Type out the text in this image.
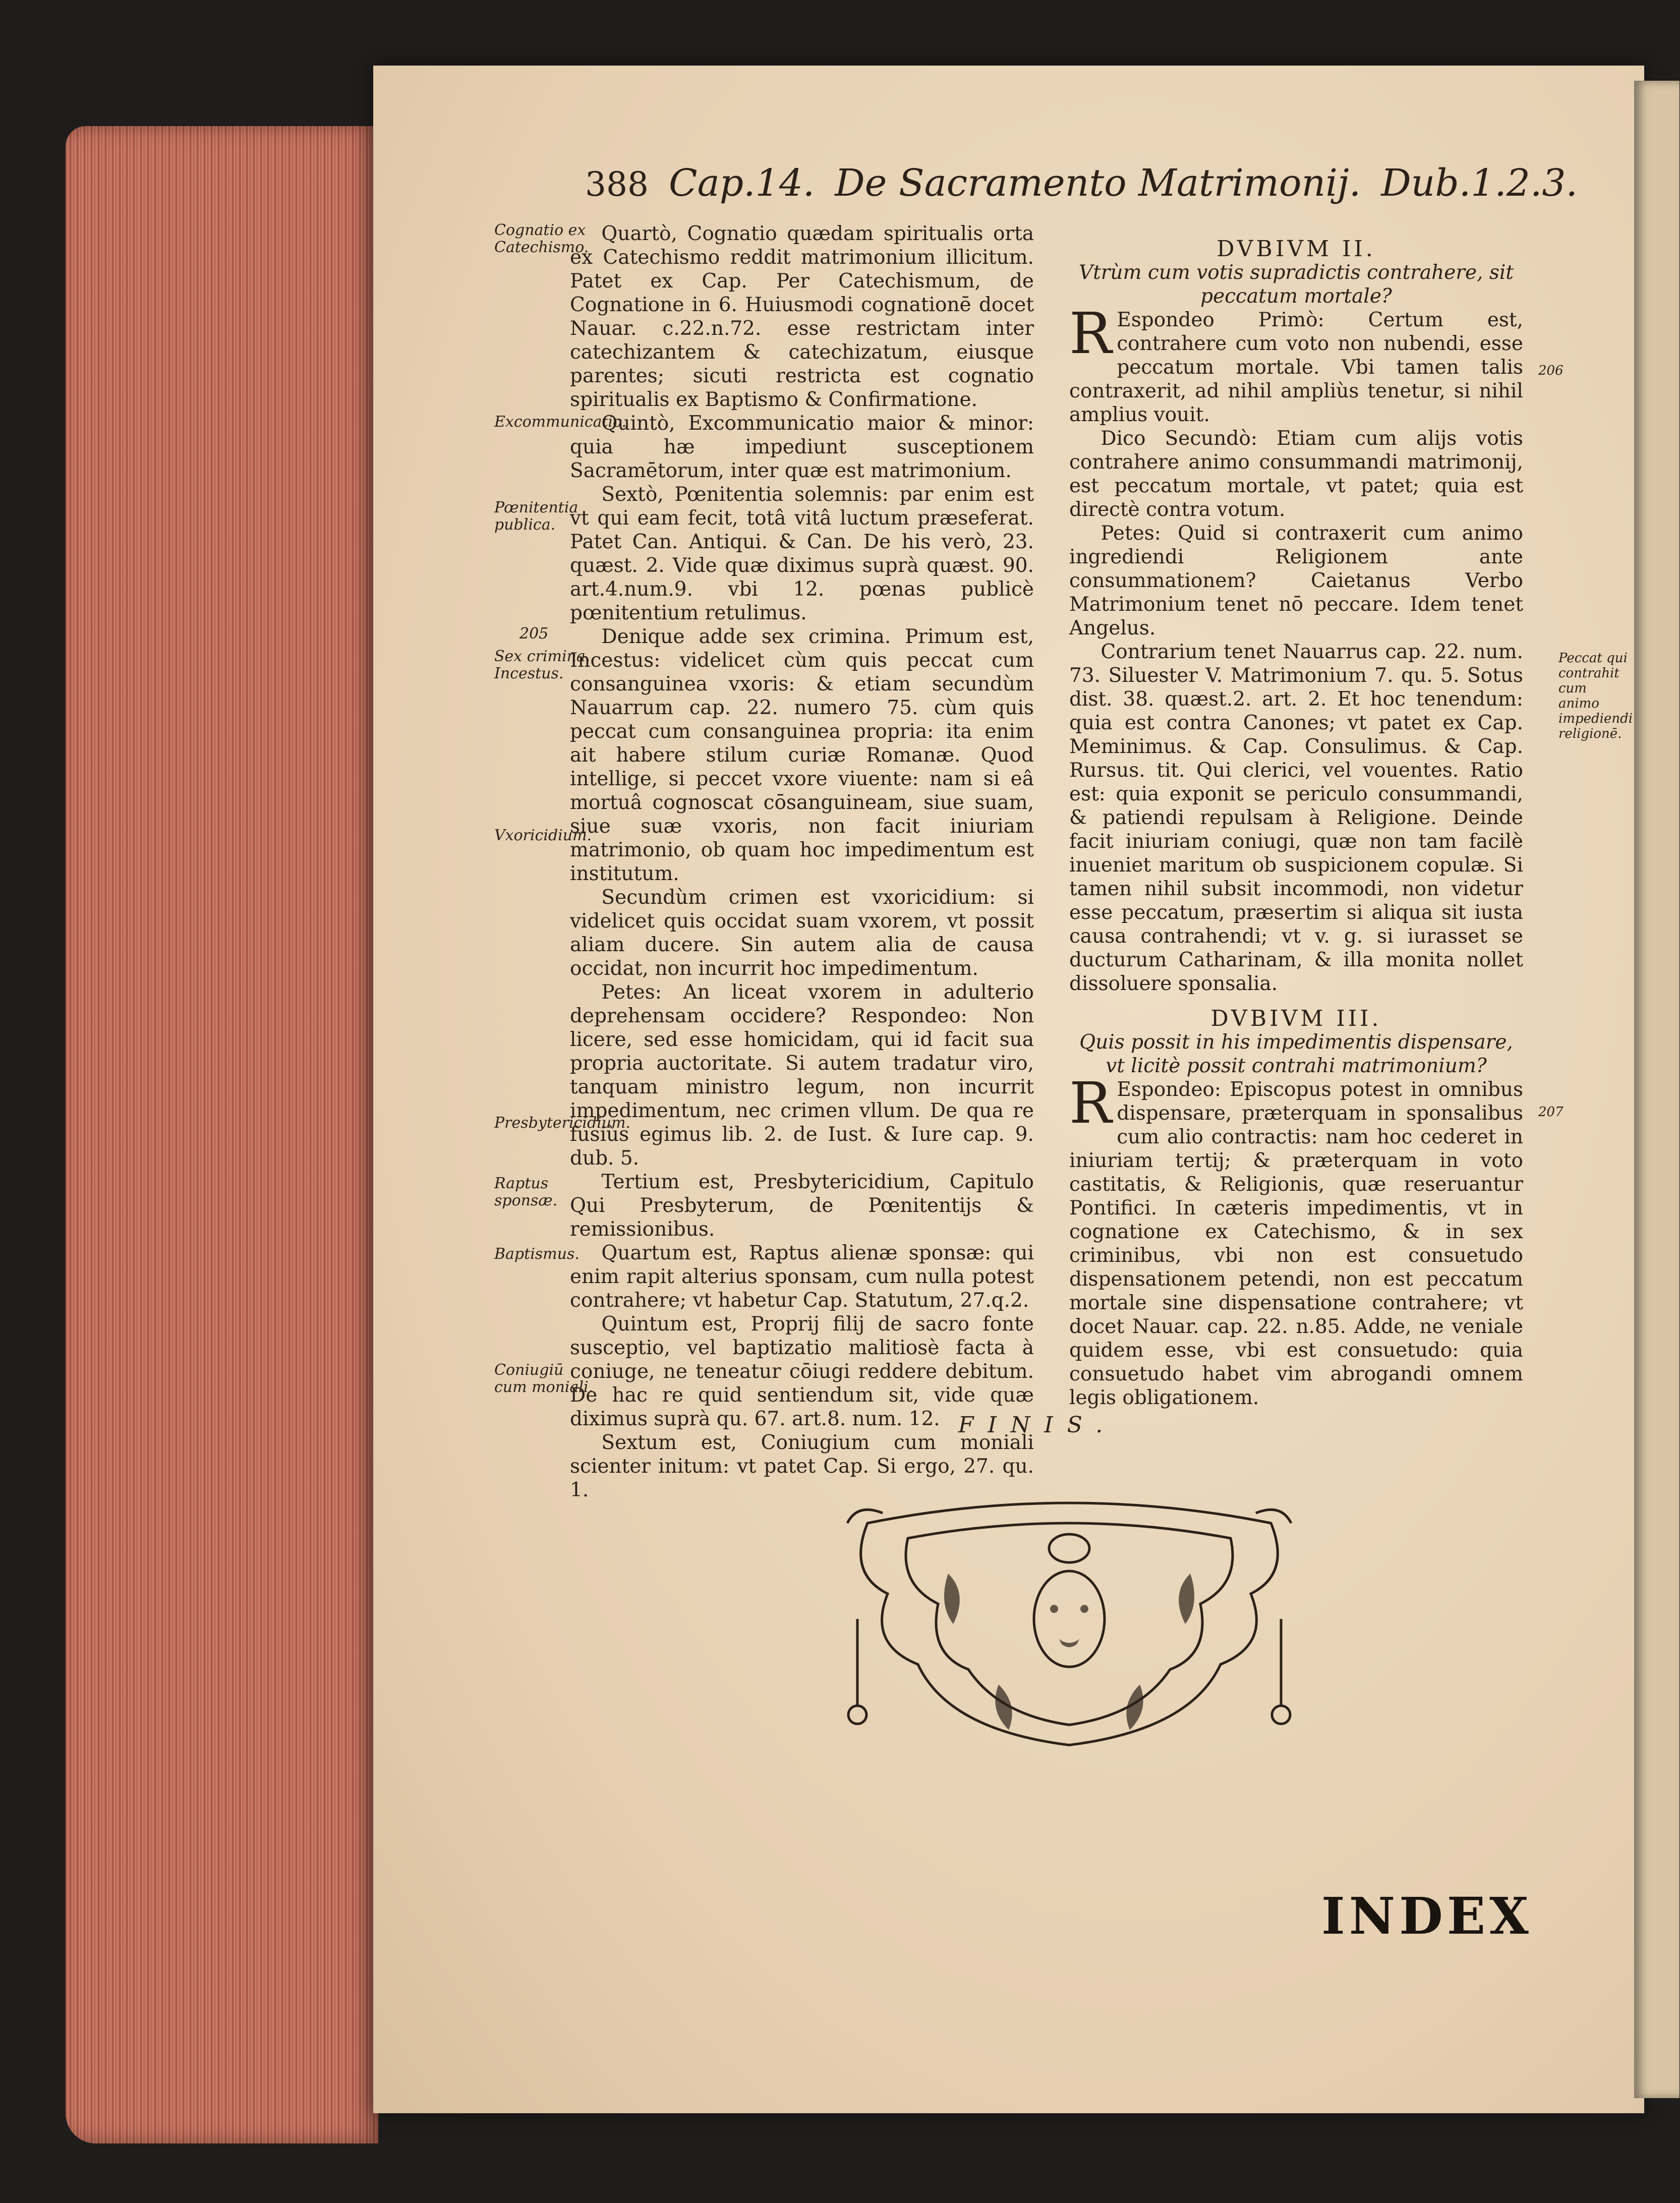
388 Cap.14. De Sacramento Matrimonij. Dub.1.2.3.
Cognatio ex Catechismo.
Excommunicatio.
Pœnitentia publica.
205
Sex crimina. Incestus.
Vxoricidium.
Presbytericidium.
Raptus sponsæ.
Baptismus.
Coniugiū cum moniali.

Quartò, Cognatio quædam spiritualis orta ex Catechismo reddit matrimonium illicitum. Patet ex Cap. Per Catechismum, de Cognatione in 6. Huiusmodi cognationē docet Nauar. c.22.n.72. esse restrictam inter catechizantem & catechizatum, eiusque parentes; sicuti restricta est cognatio spiritualis ex Baptismo & Confirmatione.

Quintò, Excommunicatio maior & minor: quia hæ impediunt susceptionem Sacramētorum, inter quæ est matrimonium.

Sextò, Pœnitentia solemnis: par enim est vt qui eam fecit, totâ vitâ luctum præseferat. Patet Can. Antiqui. & Can. De his verò, 23. quæst. 2. Vide quæ diximus suprà quæst. 90. art.4.num.9. vbi 12. pœnas publicè pœnitentium retulimus.

Denique adde sex crimina. Primum est, Incestus: videlicet cùm quis peccat cum consanguinea vxoris: & etiam secundùm Nauarrum cap. 22. numero 75. cùm quis peccat cum consanguinea propria: ita enim ait habere stilum curiæ Romanæ. Quod intellige, si peccet vxore viuente: nam si eâ mortuâ cognoscat cōsanguineam, siue suam, siue suæ vxoris, non facit iniuriam matrimonio, ob quam hoc impedimentum est institutum.

Secundùm crimen est vxoricidium: si videlicet quis occidat suam vxorem, vt possit aliam ducere. Sin autem alia de causa occidat, non incurrit hoc impedimentum.

Petes: An liceat vxorem in adulterio deprehensam occidere? Respondeo: Non licere, sed esse homicidam, qui id facit sua propria auctoritate. Si autem tradatur viro, tanquam ministro legum, non incurrit impedimentum, nec crimen vllum. De qua re fusiùs egimus lib. 2. de Iust. & Iure cap. 9. dub. 5.

Tertium est, Presbytericidium, Capitulo Qui Presbyterum, de Pœnitentijs & remissionibus.

Quartum est, Raptus alienæ sponsæ: qui enim rapit alterius sponsam, cum nulla potest contrahere; vt habetur Cap. Statutum, 27.q.2.

Quintum est, Proprij filij de sacro fonte susceptio, vel baptizatio malitiosè facta à coniuge, ne teneatur cōiugi reddere debitum. De hac re quid sentiendum sit, vide quæ diximus suprà qu. 67. art.8. num. 12.

Sextum est, Coniugium cum moniali scienter initum: vt patet Cap. Si ergo, 27. qu. 1.

DVBIVM II.

Vtrùm cum votis supradictis contrahere, sit peccatum mortale?

R Espondeo Primò: Certum est, contrahere cum voto non nubendi, esse peccatum mortale. Vbi tamen talis contraxerit, ad nihil ampliùs tenetur, si nihil amplius vouit.

Dico Secundò: Etiam cum alijs votis contrahere animo consummandi matrimonij, est peccatum mortale, vt patet; quia est directè contra votum.

Petes: Quid si contraxerit cum animo ingrediendi Religionem ante consummationem? Caietanus Verbo Matrimonium tenet nō peccare. Idem tenet Angelus.

Contrarium tenet Nauarrus cap. 22. num. 73. Siluester V. Matrimonium 7. qu. 5. Sotus dist. 38. quæst.2. art. 2. Et hoc tenendum: quia est contra Canones; vt patet ex Cap. Meminimus. & Cap. Consulimus. & Cap. Rursus. tit. Qui clerici, vel vouentes. Ratio est: quia exponit se periculo consummandi, & patiendi repulsam à Religione. Deinde facit iniuriam coniugi, quæ non tam facilè inueniet maritum ob suspicionem copulæ. Si tamen nihil subsit incommodi, non videtur esse peccatum, præsertim si aliqua sit iusta causa contrahendi; vt v. g. si iurasset se ducturum Catharinam, & illa monita nollet dissoluere sponsalia.

DVBIVM III.

Quis possit in his impedimentis dispensare, vt licitè possit contrahi matrimonium?

R Espondeo: Episcopus potest in omnibus dispensare, præterquam in sponsalibus cum alio contractis: nam hoc cederet in iniuriam tertij; & præterquam in voto castitatis, & Religionis, quæ reseruantur Pontifici. In cæteris impedimentis, vt in cognatione ex Catechismo, & in sex criminibus, vbi non est consuetudo dispensationem petendi, non est peccatum mortale sine dispensatione contrahere; vt docet Nauar. cap. 22. n.85. Adde, ne veniale quidem esse, vbi est consuetudo: quia consuetudo habet vim abrogandi omnem legis obligationem.

206
Peccat qui contrahit cum animo impediendi religionē.
207
FINIS.
INDEX
